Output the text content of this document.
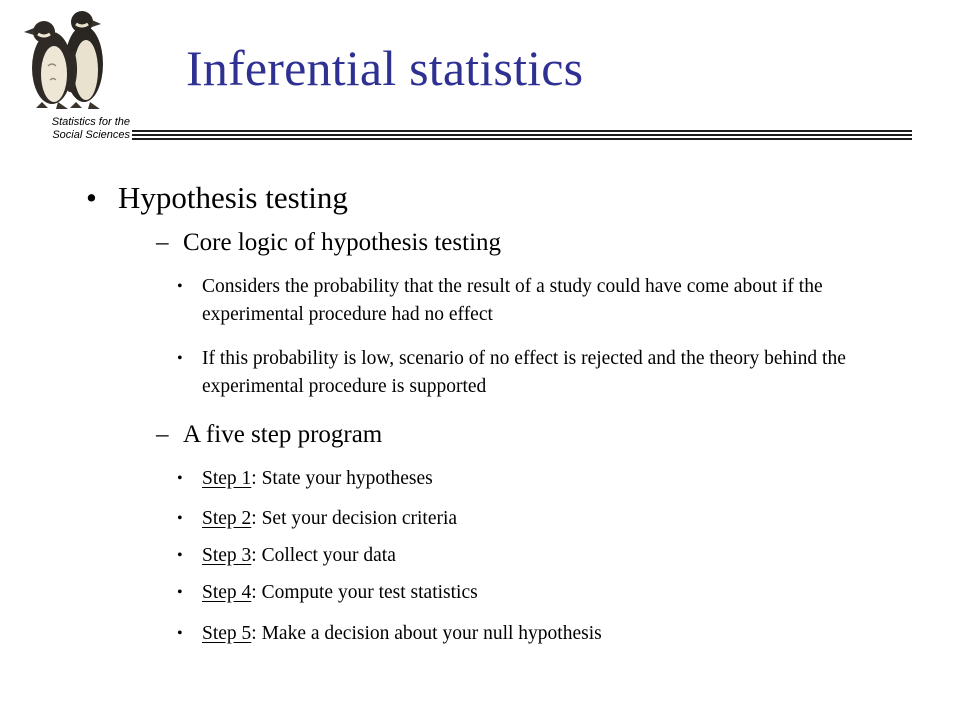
Statistics for the
Social Sciences
Inferential statistics
• Hypothesis testing
– Core logic of hypothesis testing
• Considers the probability that the result of a study could have come about if the experimental procedure had no effect
• If this probability is low, scenario of no effect is rejected and the theory behind the experimental procedure is supported
– A five step program
• Step 1: State your hypotheses
• Step 2: Set your decision criteria
• Step 3: Collect your data
• Step 4: Compute your test statistics
• Step 5: Make a decision about your null hypothesis
